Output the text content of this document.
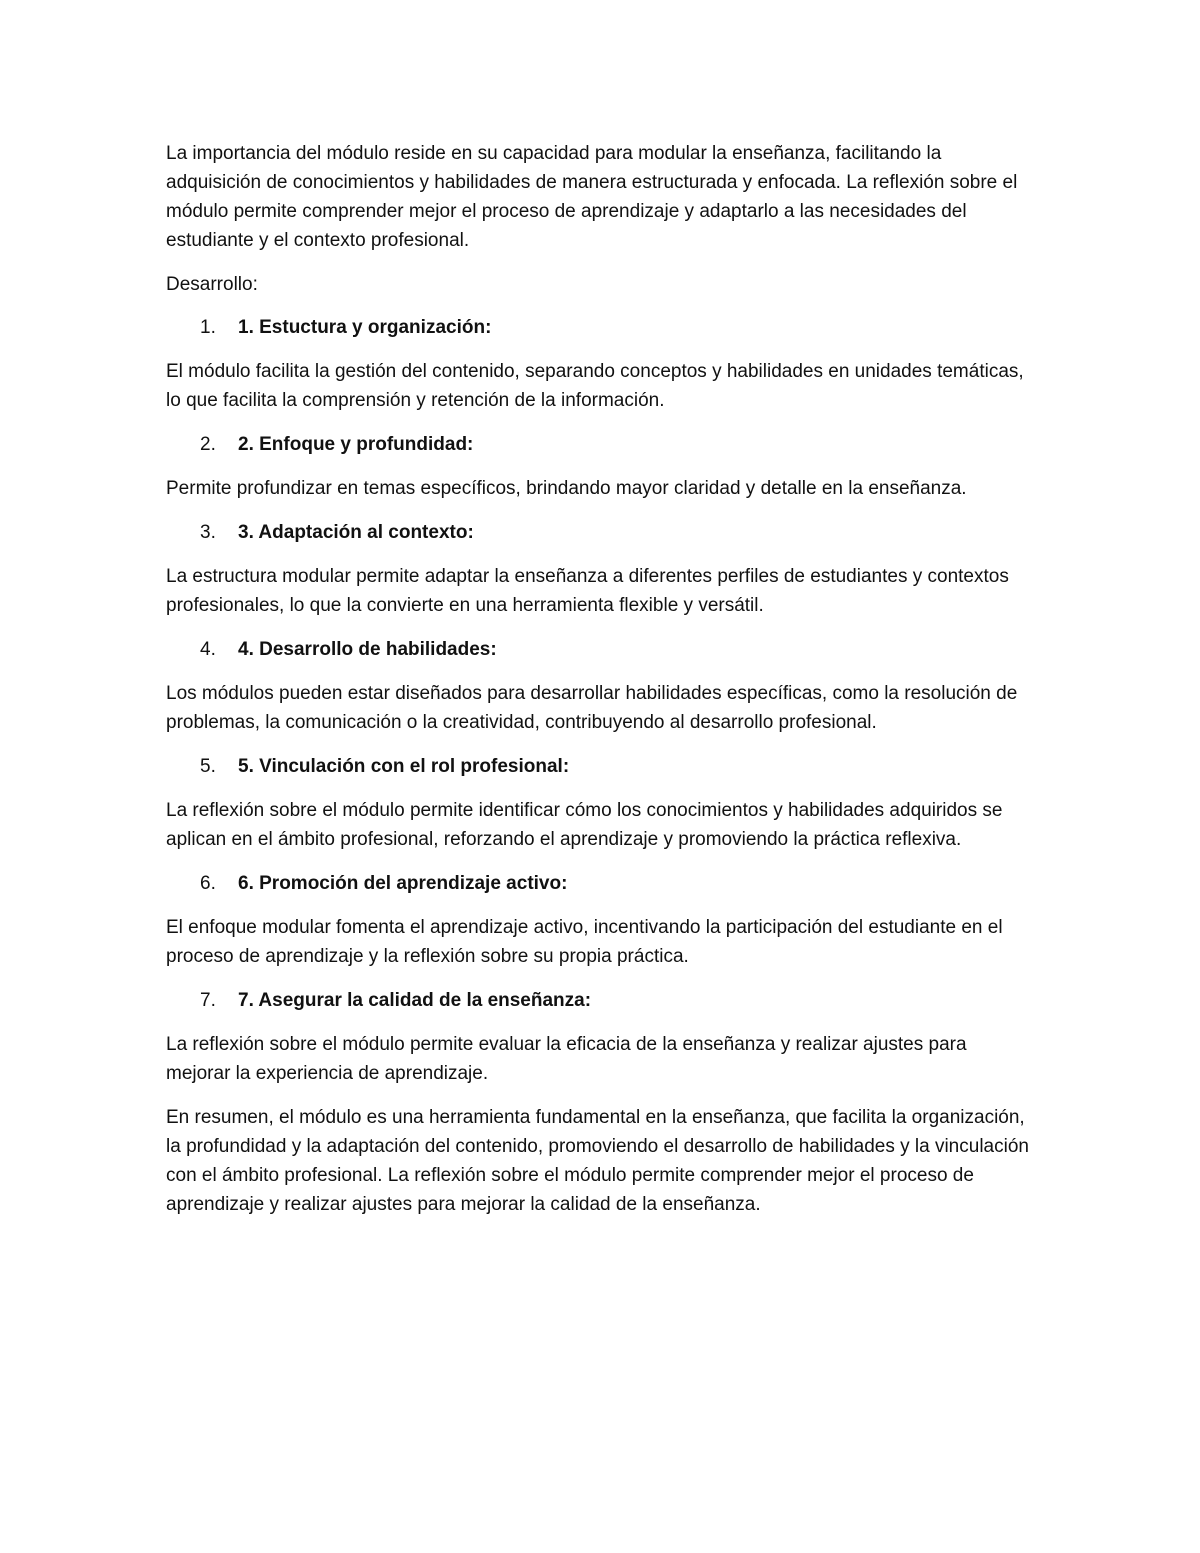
La importancia del módulo reside en su capacidad para modular la enseñanza, facilitando la adquisición de conocimientos y habilidades de manera estructurada y enfocada. La reflexión sobre el módulo permite comprender mejor el proceso de aprendizaje y adaptarlo a las necesidades del estudiante y el contexto profesional.

Desarrollo:

1.	1. Estuctura y organización:

El módulo facilita la gestión del contenido, separando conceptos y habilidades en unidades temáticas, lo que facilita la comprensión y retención de la información.

2.	2. Enfoque y profundidad:

Permite profundizar en temas específicos, brindando mayor claridad y detalle en la enseñanza.

3.	3. Adaptación al contexto:

La estructura modular permite adaptar la enseñanza a diferentes perfiles de estudiantes y contextos profesionales, lo que la convierte en una herramienta flexible y versátil.

4.	4. Desarrollo de habilidades:

Los módulos pueden estar diseñados para desarrollar habilidades específicas, como la resolución de problemas, la comunicación o la creatividad, contribuyendo al desarrollo profesional.

5.	5. Vinculación con el rol profesional:

La reflexión sobre el módulo permite identificar cómo los conocimientos y habilidades adquiridos se aplican en el ámbito profesional, reforzando el aprendizaje y promoviendo la práctica reflexiva.

6.	6. Promoción del aprendizaje activo:

El enfoque modular fomenta el aprendizaje activo, incentivando la participación del estudiante en el proceso de aprendizaje y la reflexión sobre su propia práctica.

7.	7. Asegurar la calidad de la enseñanza:

La reflexión sobre el módulo permite evaluar la eficacia de la enseñanza y realizar ajustes para mejorar la experiencia de aprendizaje.

En resumen, el módulo es una herramienta fundamental en la enseñanza, que facilita la organización, la profundidad y la adaptación del contenido, promoviendo el desarrollo de habilidades y la vinculación con el ámbito profesional. La reflexión sobre el módulo permite comprender mejor el proceso de aprendizaje y realizar ajustes para mejorar la calidad de la enseñanza.
